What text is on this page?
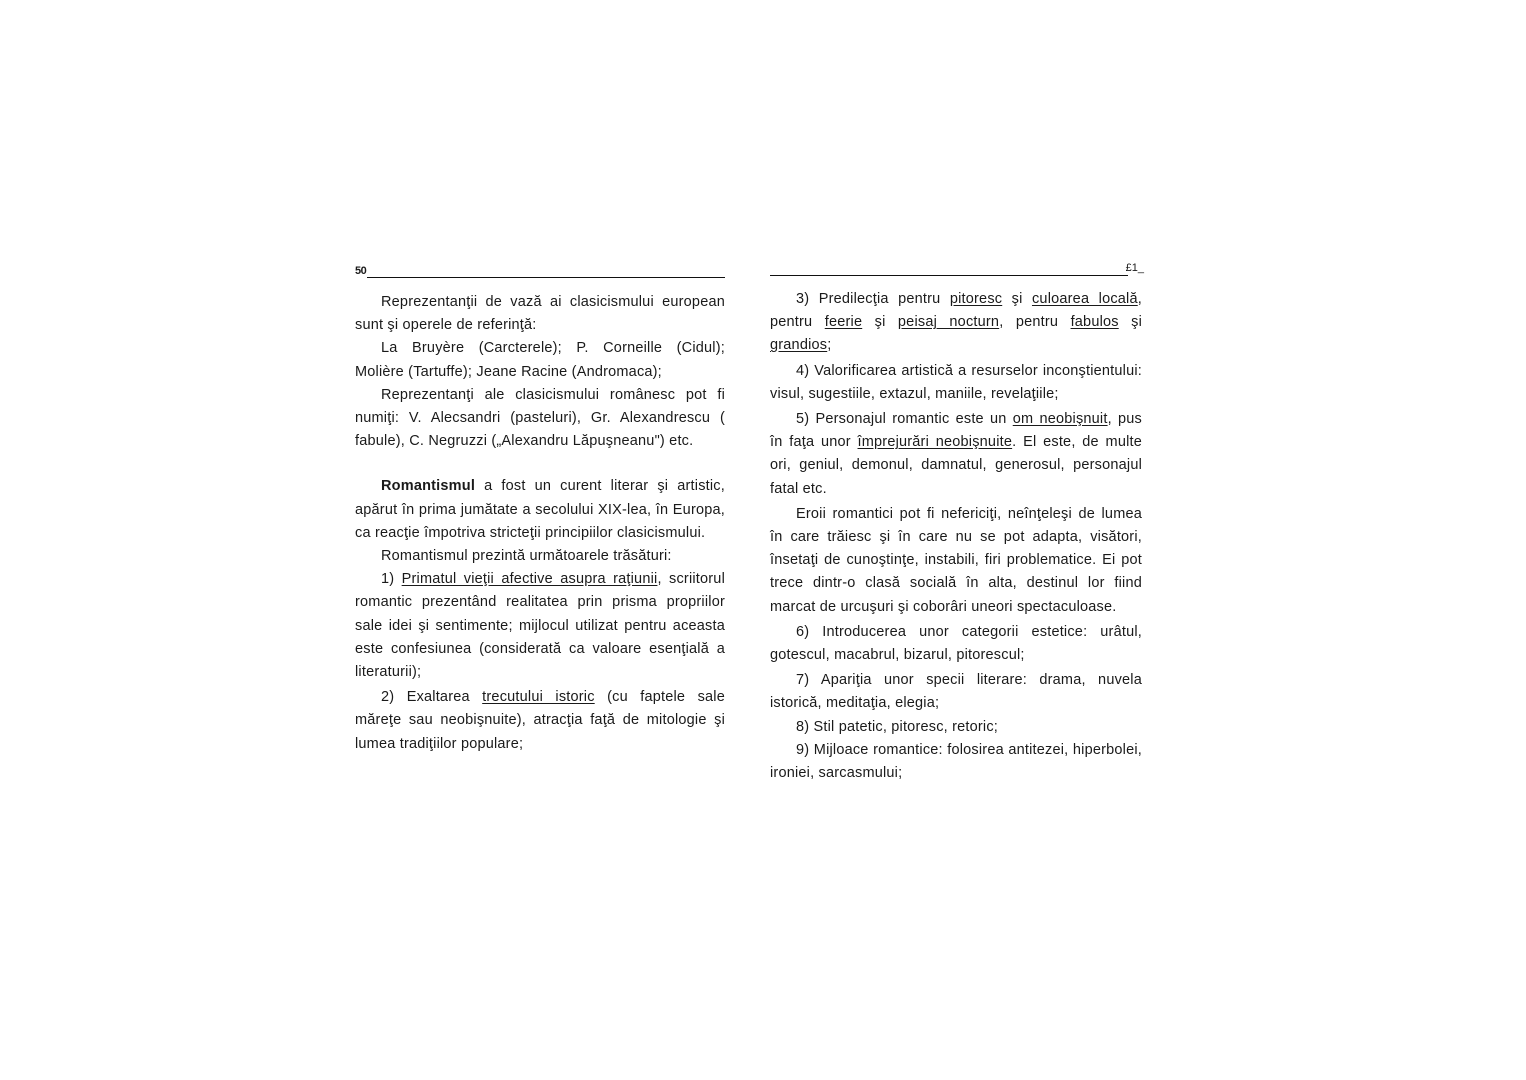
50

Reprezentanţii de vază ai clasicismului european sunt şi operele de referinţă:

La Bruyère (Carcterele); P. Corneille (Cidul); Molière (Tartuffe); Jeane Racine (Andromaca);

Reprezentanţi ale clasicismului românesc pot fi numiţi: V. Alecsandri (pasteluri), Gr. Alexandrescu ( fabule), C. Negruzzi („Alexandru Lăpuşneanu") etc.

Romantismul a fost un curent literar şi artistic, apărut în prima jumătate a secolului XIX-lea, în Europa, ca reacţie împotriva stricteţii principiilor clasicismului.

Romantismul prezintă următoarele trăsături:

1) Primatul vieţii afective asupra raţiunii, scriitorul romantic prezentând realitatea prin prisma propriilor sale idei şi sentimente; mijlocul utilizat pentru aceasta este confesiunea (considerată ca valoare esenţială a literaturii);

2) Exaltarea trecutului istoric (cu faptele sale măreţe sau neobişnuite), atracţia faţă de mitologie şi lumea tradiţiilor populare;

£1_

3) Predilecţia pentru pitoresc şi culoarea locală, pentru feerie şi peisaj nocturn, pentru fabulos şi grandios;

4) Valorificarea artistică a resurselor inconştientului: visul, sugestiile, extazul, maniile, revelaţiile;

5) Personajul romantic este un om neobişnuit, pus în faţa unor împrejurări neobişnuite. El este, de multe ori, geniul, demonul, damnatul, generosul, personajul fatal etc.

Eroii romantici pot fi nefericiţi, neînţeleşi de lumea în care trăiesc şi în care nu se pot adapta, visători, însetaţi de cunoştinţe, instabili, firi problematice. Ei pot trece dintr-o clasă socială în alta, destinul lor fiind marcat de urcuşuri şi coborâri uneori spectaculoase.

6) Introducerea unor categorii estetice: urâtul, gotescul, macabrul, bizarul, pitorescul;

7) Apariţia unor specii literare: drama, nuvela istorică, meditaţia, elegia;

8) Stil patetic, pitoresc, retoric;

9) Mijloace romantice: folosirea antitezei, hiperbolei, ironiei, sarcasmului;
